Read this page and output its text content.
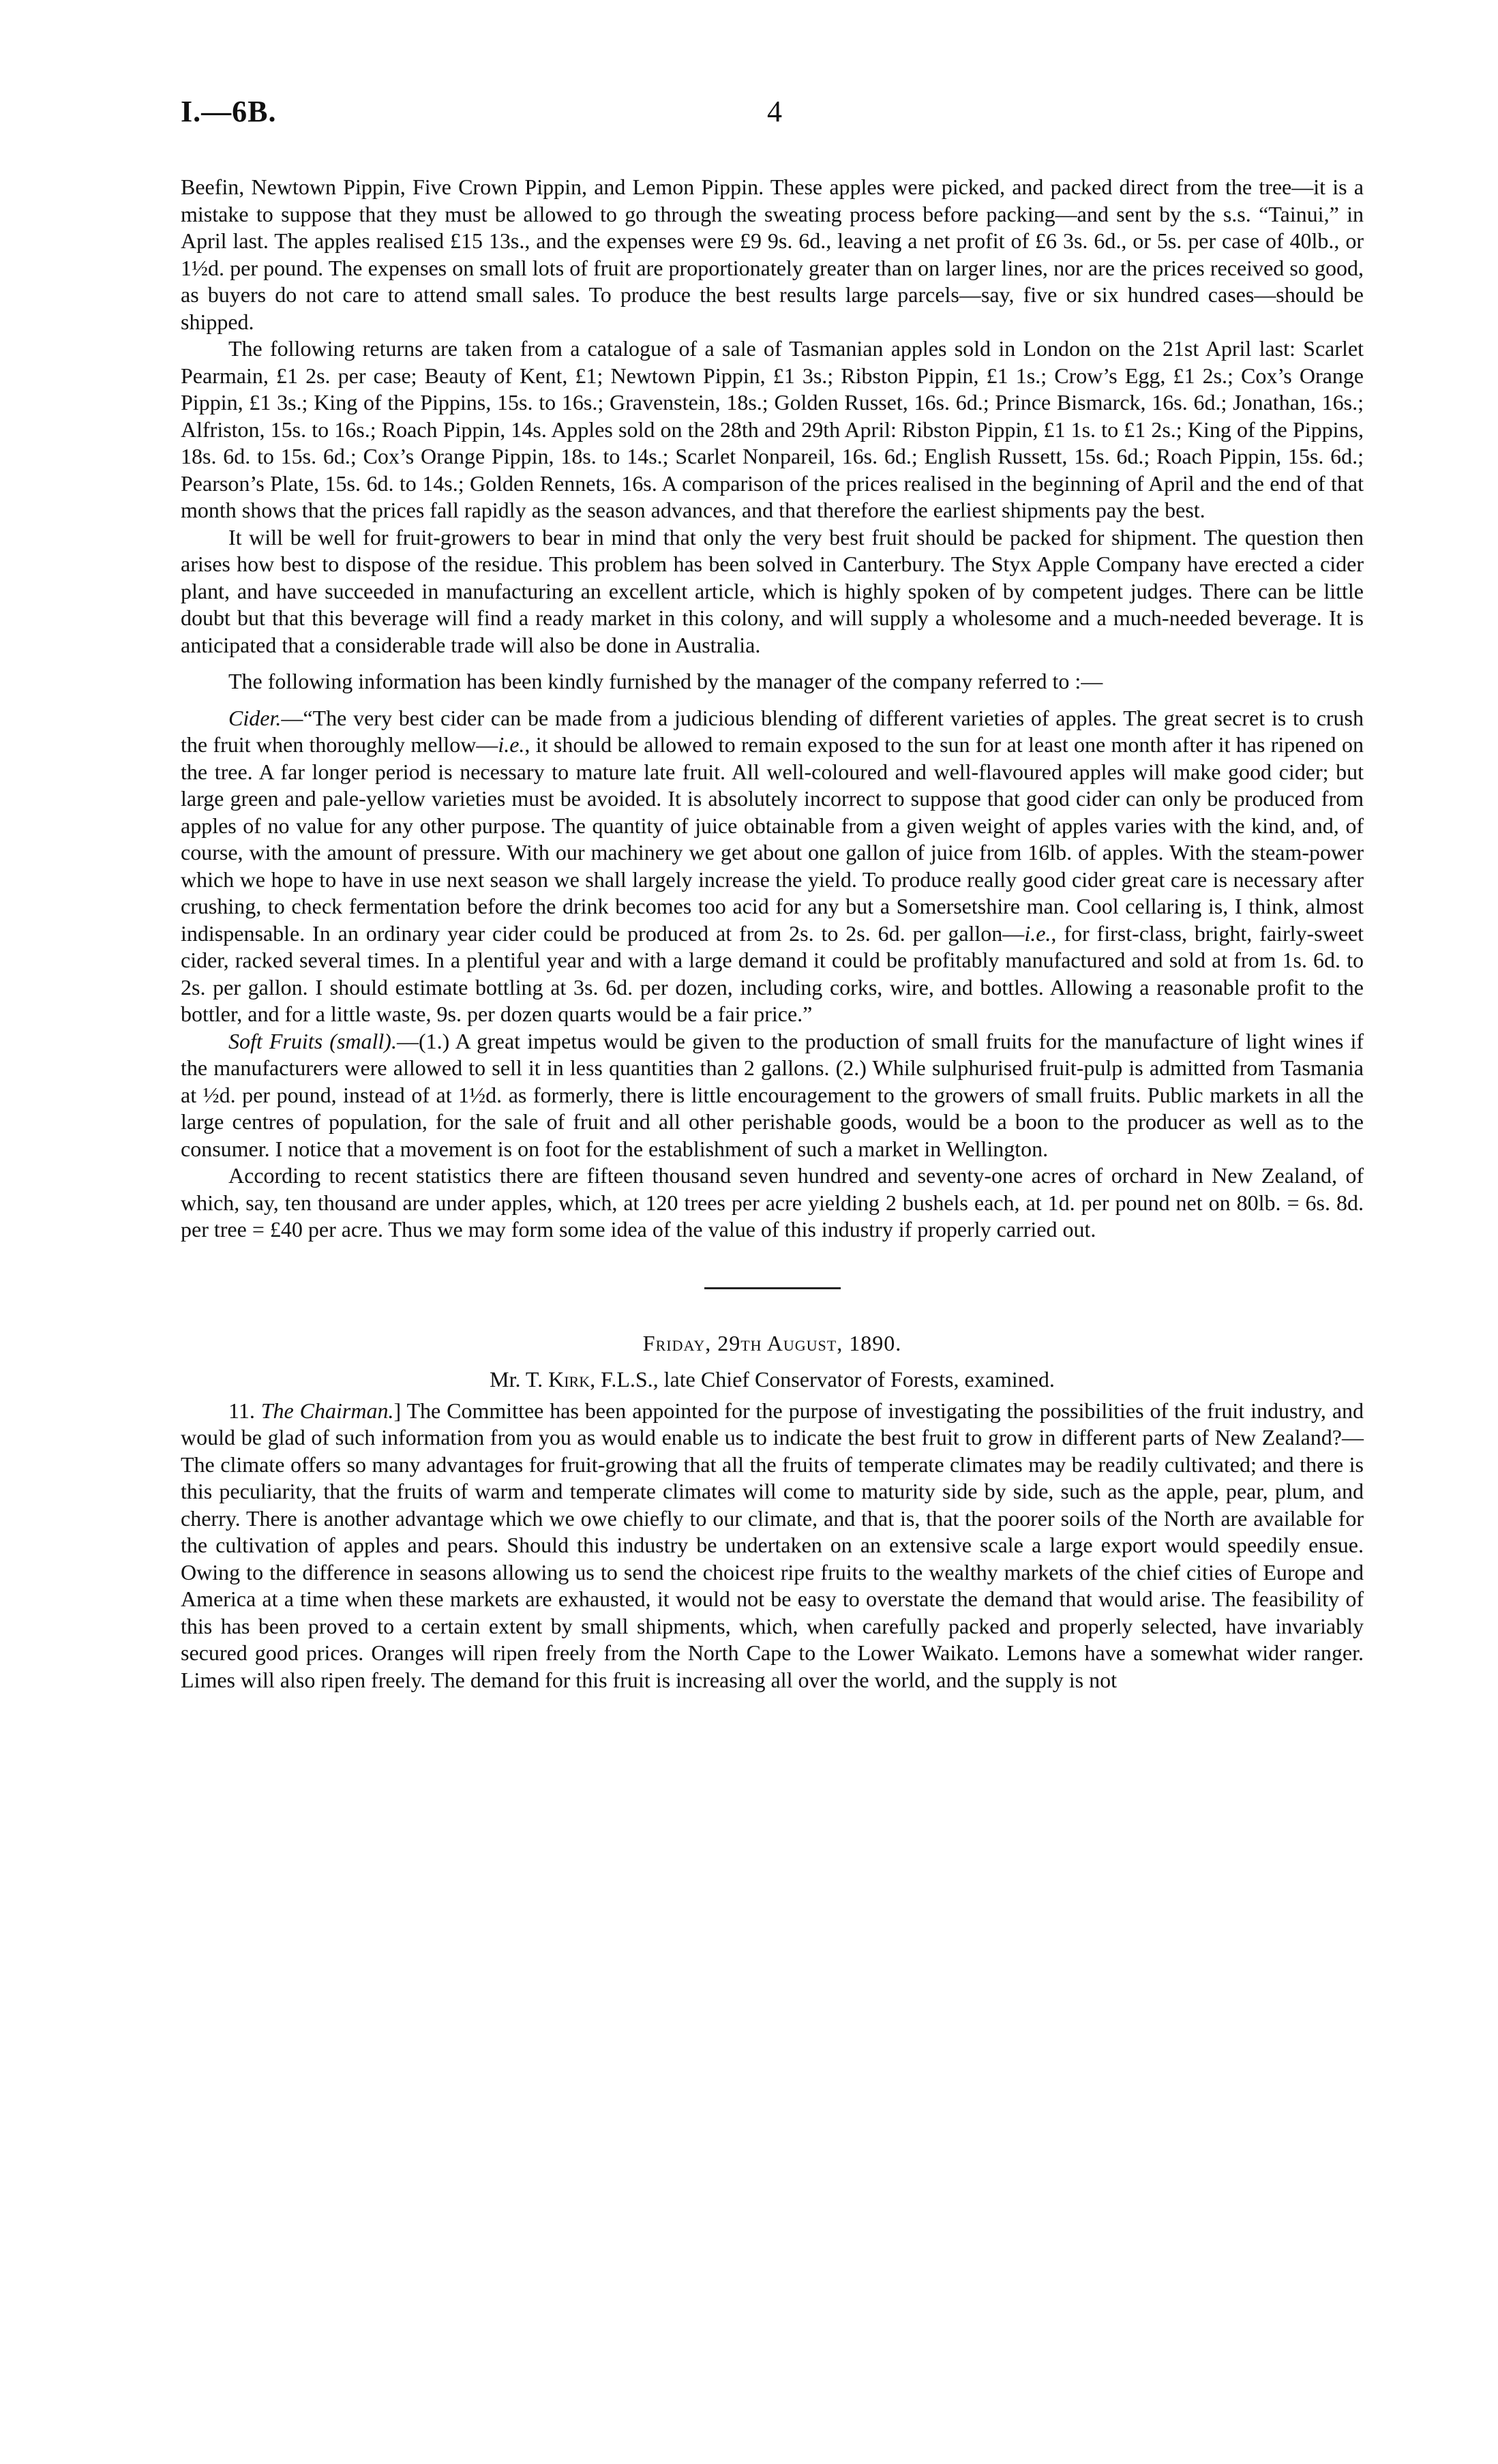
I.—6B.	4

Beefin, Newtown Pippin, Five Crown Pippin, and Lemon Pippin. These apples were picked, and packed direct from the tree—it is a mistake to suppose that they must be allowed to go through the sweating process before packing—and sent by the s.s. “Tainui,” in April last. The apples realised £15 13s., and the expenses were £9 9s. 6d., leaving a net profit of £6 3s. 6d., or 5s. per case of 40lb., or 1½d. per pound. The expenses on small lots of fruit are proportionately greater than on larger lines, nor are the prices received so good, as buyers do not care to attend small sales. To produce the best results large parcels—say, five or six hundred cases—should be shipped.

The following returns are taken from a catalogue of a sale of Tasmanian apples sold in London on the 21st April last: Scarlet Pearmain, £1 2s. per case; Beauty of Kent, £1; Newtown Pippin, £1 3s.; Ribston Pippin, £1 1s.; Crow’s Egg, £1 2s.; Cox’s Orange Pippin, £1 3s.; King of the Pippins, 15s. to 16s.; Gravenstein, 18s.; Golden Russet, 16s. 6d.; Prince Bismarck, 16s. 6d.; Jonathan, 16s.; Alfriston, 15s. to 16s.; Roach Pippin, 14s. Apples sold on the 28th and 29th April: Ribston Pippin, £1 1s. to £1 2s.; King of the Pippins, 18s. 6d. to 15s. 6d.; Cox’s Orange Pippin, 18s. to 14s.; Scarlet Nonpareil, 16s. 6d.; English Russett, 15s. 6d.; Roach Pippin, 15s. 6d.; Pearson’s Plate, 15s. 6d. to 14s.; Golden Rennets, 16s. A comparison of the prices realised in the beginning of April and the end of that month shows that the prices fall rapidly as the season advances, and that therefore the earliest shipments pay the best.

It will be well for fruit-growers to bear in mind that only the very best fruit should be packed for shipment. The question then arises how best to dispose of the residue. This problem has been solved in Canterbury. The Styx Apple Company have erected a cider plant, and have succeeded in manufacturing an excellent article, which is highly spoken of by competent judges. There can be little doubt but that this beverage will find a ready market in this colony, and will supply a wholesome and a much-needed beverage. It is anticipated that a considerable trade will also be done in Australia.

The following information has been kindly furnished by the manager of the company referred to :—

Cider.—“The very best cider can be made from a judicious blending of different varieties of apples. The great secret is to crush the fruit when thoroughly mellow—i.e., it should be allowed to remain exposed to the sun for at least one month after it has ripened on the tree. A far longer period is necessary to mature late fruit. All well-coloured and well-flavoured apples will make good cider; but large green and pale-yellow varieties must be avoided. It is absolutely incorrect to suppose that good cider can only be produced from apples of no value for any other purpose. The quantity of juice obtainable from a given weight of apples varies with the kind, and, of course, with the amount of pressure. With our machinery we get about one gallon of juice from 16lb. of apples. With the steam-power which we hope to have in use next season we shall largely increase the yield. To produce really good cider great care is necessary after crushing, to check fermentation before the drink becomes too acid for any but a Somersetshire man. Cool cellaring is, I think, almost indispensable. In an ordinary year cider could be produced at from 2s. to 2s. 6d. per gallon—i.e., for first-class, bright, fairly-sweet cider, racked several times. In a plentiful year and with a large demand it could be profitably manufactured and sold at from 1s. 6d. to 2s. per gallon. I should estimate bottling at 3s. 6d. per dozen, including corks, wire, and bottles. Allowing a reasonable profit to the bottler, and for a little waste, 9s. per dozen quarts would be a fair price.”

Soft Fruits (small).—(1.) A great impetus would be given to the production of small fruits for the manufacture of light wines if the manufacturers were allowed to sell it in less quantities than 2 gallons. (2.) While sulphurised fruit-pulp is admitted from Tasmania at ½d. per pound, instead of at 1½d. as formerly, there is little encouragement to the growers of small fruits. Public markets in all the large centres of population, for the sale of fruit and all other perishable goods, would be a boon to the producer as well as to the consumer. I notice that a movement is on foot for the establishment of such a market in Wellington.

According to recent statistics there are fifteen thousand seven hundred and seventy-one acres of orchard in New Zealand, of which, say, ten thousand are under apples, which, at 120 trees per acre yielding 2 bushels each, at 1d. per pound net on 80lb. = 6s. 8d. per tree = £40 per acre. Thus we may form some idea of the value of this industry if properly carried out.

Friday, 29th August, 1890.

Mr. T. Kirk, F.L.S., late Chief Conservator of Forests, examined.

11. The Chairman.] The Committee has been appointed for the purpose of investigating the possibilities of the fruit industry, and would be glad of such information from you as would enable us to indicate the best fruit to grow in different parts of New Zealand?—The climate offers so many advantages for fruit-growing that all the fruits of temperate climates may be readily cultivated; and there is this peculiarity, that the fruits of warm and temperate climates will come to maturity side by side, such as the apple, pear, plum, and cherry. There is another advantage which we owe chiefly to our climate, and that is, that the poorer soils of the North are available for the cultivation of apples and pears. Should this industry be undertaken on an extensive scale a large export would speedily ensue. Owing to the difference in seasons allowing us to send the choicest ripe fruits to the wealthy markets of the chief cities of Europe and America at a time when these markets are exhausted, it would not be easy to overstate the demand that would arise. The feasibility of this has been proved to a certain extent by small shipments, which, when carefully packed and properly selected, have invariably secured good prices. Oranges will ripen freely from the North Cape to the Lower Waikato. Lemons have a somewhat wider ranger. Limes will also ripen freely. The demand for this fruit is increasing all over the world, and the supply is not
